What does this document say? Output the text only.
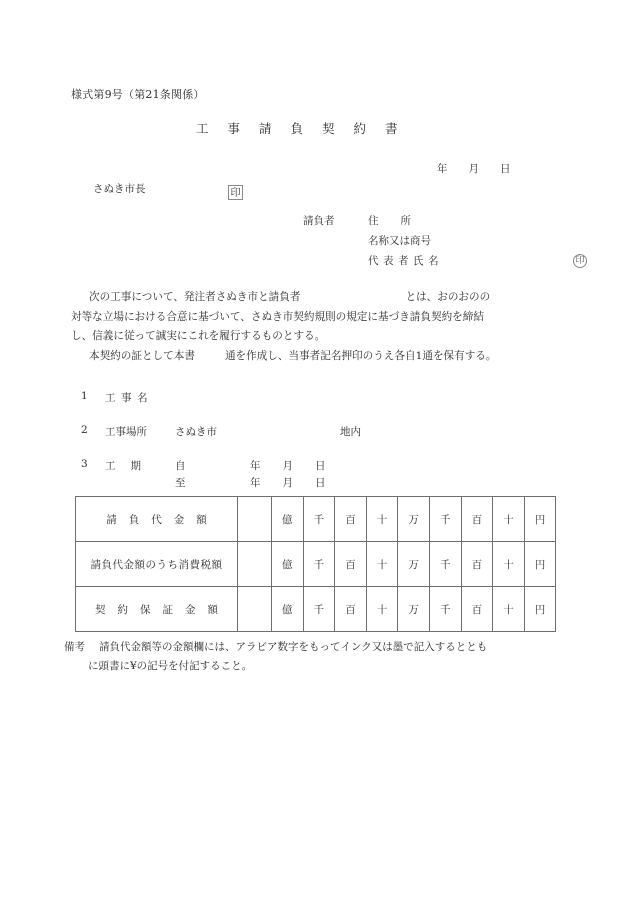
様式第9号（第21条関係）
工事請負契約書
年月日
さぬき市長	印
請負者	住所
名称又は商号
代表者氏名	印

次の工事について、発注者さぬき市と請負者	とは、おのおのの

対等な立場における合意に基づいて、さぬき市契約規則の規定に基づき請負契約を締結

し、信義に従って誠実にこれを履行するものとする。

本契約の証として本書	通を作成し、当事者記名押印のうえ各自1通を保有する。

1 工事名
2 工事場所	さぬき市	地内
3 工期 自	年月日
至	年月日
請負代金額		億	千	百	十	万	千	百	十	円
請負代金額のうち消費税額		億	千	百	十	万	千	百	十	円
契約保証金額		億	千	百	十	万	千	百	十	円

備考 請負代金額等の金額欄には、アラビア数字をもってインク又は墨で記入するととも

に頭書に¥の記号を付記すること。
